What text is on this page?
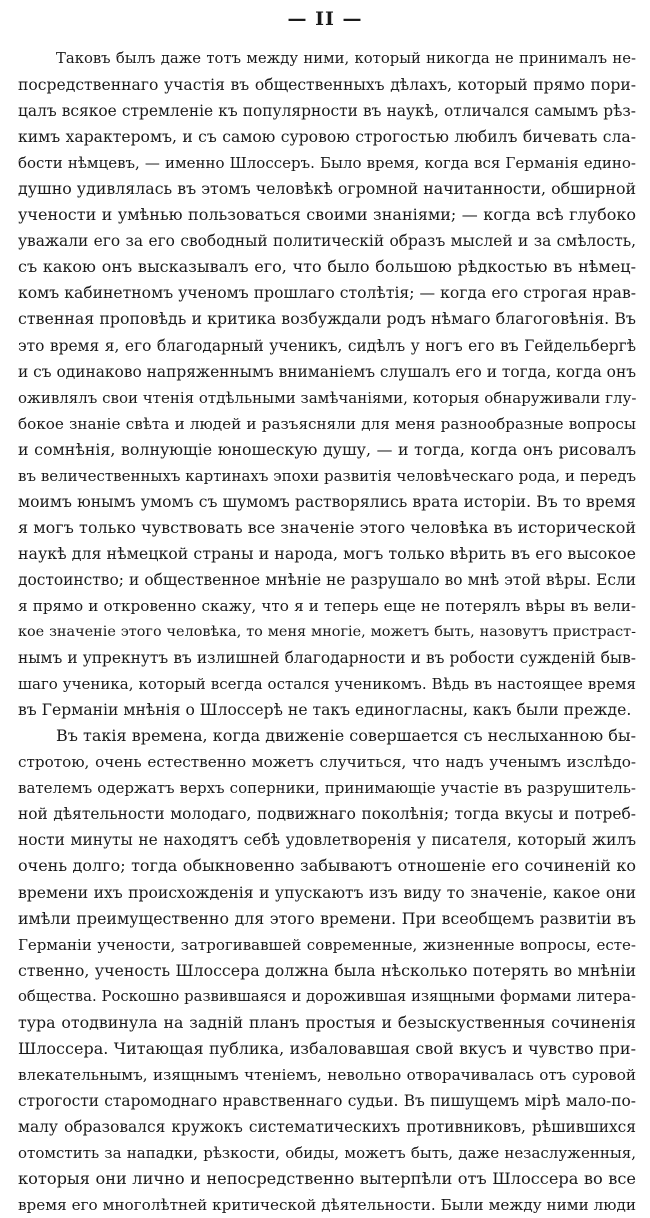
— II —
Таковъ былъ даже тотъ между ними, который никогда не принималъ не-
посредственнаго участія въ общественныхъ дѣлахъ, который прямо пори-
цалъ всякое стремленіе къ популярности въ наукѣ, отличался самымъ рѣз-
кимъ характеромъ, и съ самою суровою строгостью любилъ бичевать сла-
бости нѣмцевъ, — именно Шлоссеръ. Было время, когда вся Германія едино-
душно удивлялась въ этомъ человѣкѣ огромной начитанности, обширной
учености и умѣнью пользоваться своими знаніями; — когда всѣ глубоко
уважали его за его свободный политическій образъ мыслей и за смѣлость,
съ какою онъ высказывалъ его, что было большою рѣдкостью въ нѣмец-
комъ кабинетномъ ученомъ прошлаго столѣтія; — когда его строгая нрав-
ственная проповѣдь и критика возбуждали родъ нѣмагo благоговѣнія. Въ
это время я, его благодарный ученикъ, сидѣлъ у ногъ его въ Гейдельбергѣ
и съ одинаково напряженнымъ вниманіемъ слушалъ его и тогда, когда онъ
оживлялъ свои чтенія отдѣльными замѣчаніями, которыя обнаруживали глу-
бокое знаніе свѣта и людей и разъясняли для меня разнообразные вопросы
и сомнѣнія, волнующіе юношескую душу, — и тогда, когда онъ рисовалъ
въ величественныхъ картинахъ эпохи развитія человѣческаго рода, и передъ
моимъ юнымъ умомъ съ шумомъ растворялись врата исторіи. Въ то время
я могъ только чувствовать все значеніе этого человѣка въ исторической
наукѣ для нѣмецкой страны и народа, могъ только вѣрить въ его высокое
достоинство; и общественное мнѣніе не разрушало во мнѣ этой вѣры. Если
я прямо и откровенно скажу, что я и теперь еще не потерялъ вѣры въ вели-
кое значеніе этого человѣка, то меня многіе, можетъ быть, назовутъ пристраст-
нымъ и упрекнутъ въ излишней благодарности и въ робости сужденій быв-
шаго ученика, который всегда остался ученикомъ. Вѣдь въ настоящее время
въ Германіи мнѣнія о Шлоссерѣ не такъ единогласны, какъ были прежде.
Въ такія времена, когда движеніе совершается съ неслыханною бы-
стротою, очень естественно можетъ случиться, что надъ ученымъ изслѣдо-
вателемъ одержатъ верхъ соперники, принимающіе участіе въ разрушитель-
ной дѣятельности молодаго, подвижнаго поколѣнія; тогда вкусы и потреб-
ности минуты не находятъ себѣ удовлетворенія у писателя, который жилъ
очень долго; тогда обыкновенно забываютъ отношеніе его сочиненій ко
времени ихъ происхожденія и упускаютъ изъ виду то значеніе, какое они
имѣли преимущественно для этого времени. При всеобщемъ развитіи въ
Германіи учености, затрогивавшей современные, жизненные вопросы, есте-
ственно, ученость Шлоссера должна была нѣсколько потерять во мнѣніи
общества. Роскошно развившаяся и дорожившая изящными формами литера-
тура отодвинула на задній планъ простыя и безыскуственныя сочиненія
Шлоссера. Читающая публика, избаловавшая свой вкусъ и чувство при-
влекательнымъ, изящнымъ чтеніемъ, невольно отворачивалась отъ суровой
строгости старомоднаго нравственнаго судьи. Въ пишущемъ мірѣ мало-по-
малу образовался кружокъ систематическихъ противниковъ, рѣшившихся
отомстить за нападки, рѣзкости, обиды, можетъ быть, даже незаслуженныя,
которыя они лично и непосредственно вытерпѣли отъ Шлоссера во все
время его многолѣтней критической дѣятельности. Были между ними люди
